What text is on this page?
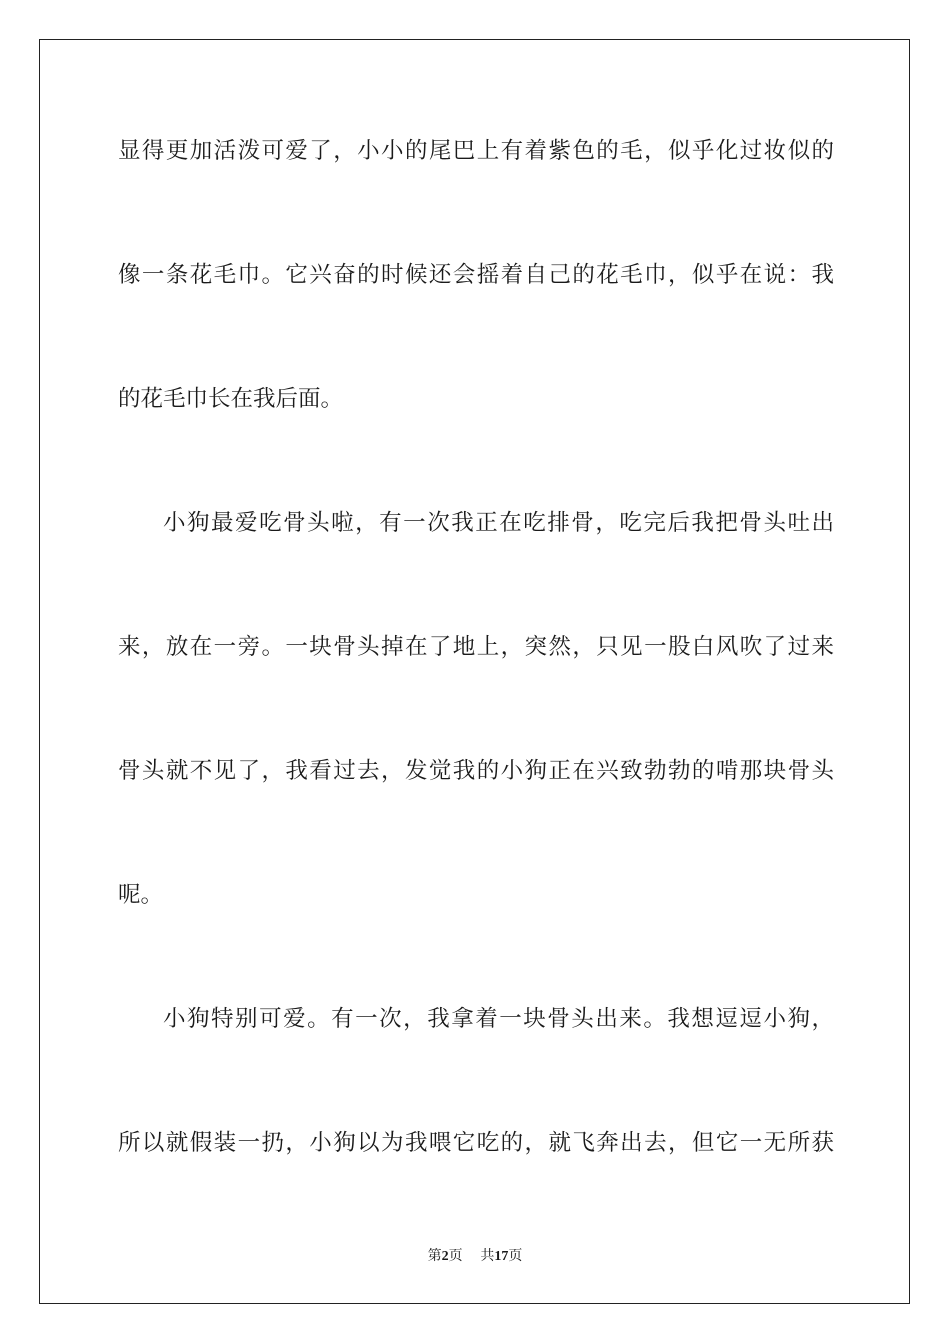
显得更加活泼可爱了，小小的尾巴上有着紫色的毛，似乎化过妆似的
像一条花毛巾。它兴奋的时候还会摇着自己的花毛巾，似乎在说：我
的花毛巾长在我后面。
小狗最爱吃骨头啦，有一次我正在吃排骨，吃完后我把骨头吐出
来，放在一旁。一块骨头掉在了地上，突然，只见一股白风吹了过来
骨头就不见了，我看过去，发觉我的小狗正在兴致勃勃的啃那块骨头
呢。
小狗特别可爱。有一次，我拿着一块骨头出来。我想逗逗小狗，
所以就假装一扔，小狗以为我喂它吃的，就飞奔出去，但它一无所获
第2页 共17页
